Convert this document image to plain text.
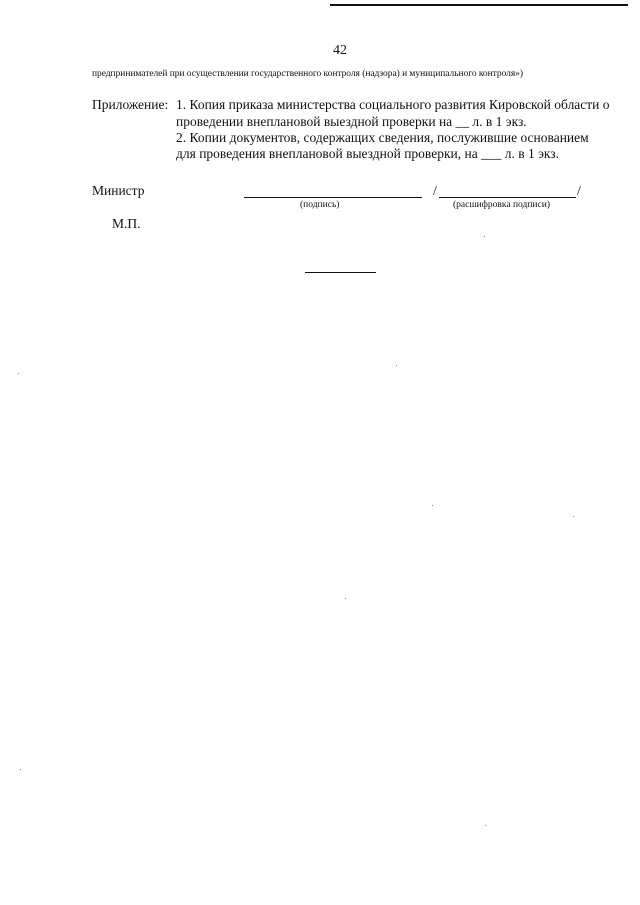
42
предпринимателей при осуществлении государственного контроля (надзора) и муниципального контроля»)
Приложение: 1. Копия приказа министерства социального развития Кировской области о
проведении внеплановой выездной проверки на __ л. в 1 экз.
2. Копии документов, содержащих сведения, послужившие основанием
для проведения внеплановой выездной проверки, на ___ л. в 1 экз.
Министр	/	/
(подпись)	(расшифровка подписи)
М.П.
